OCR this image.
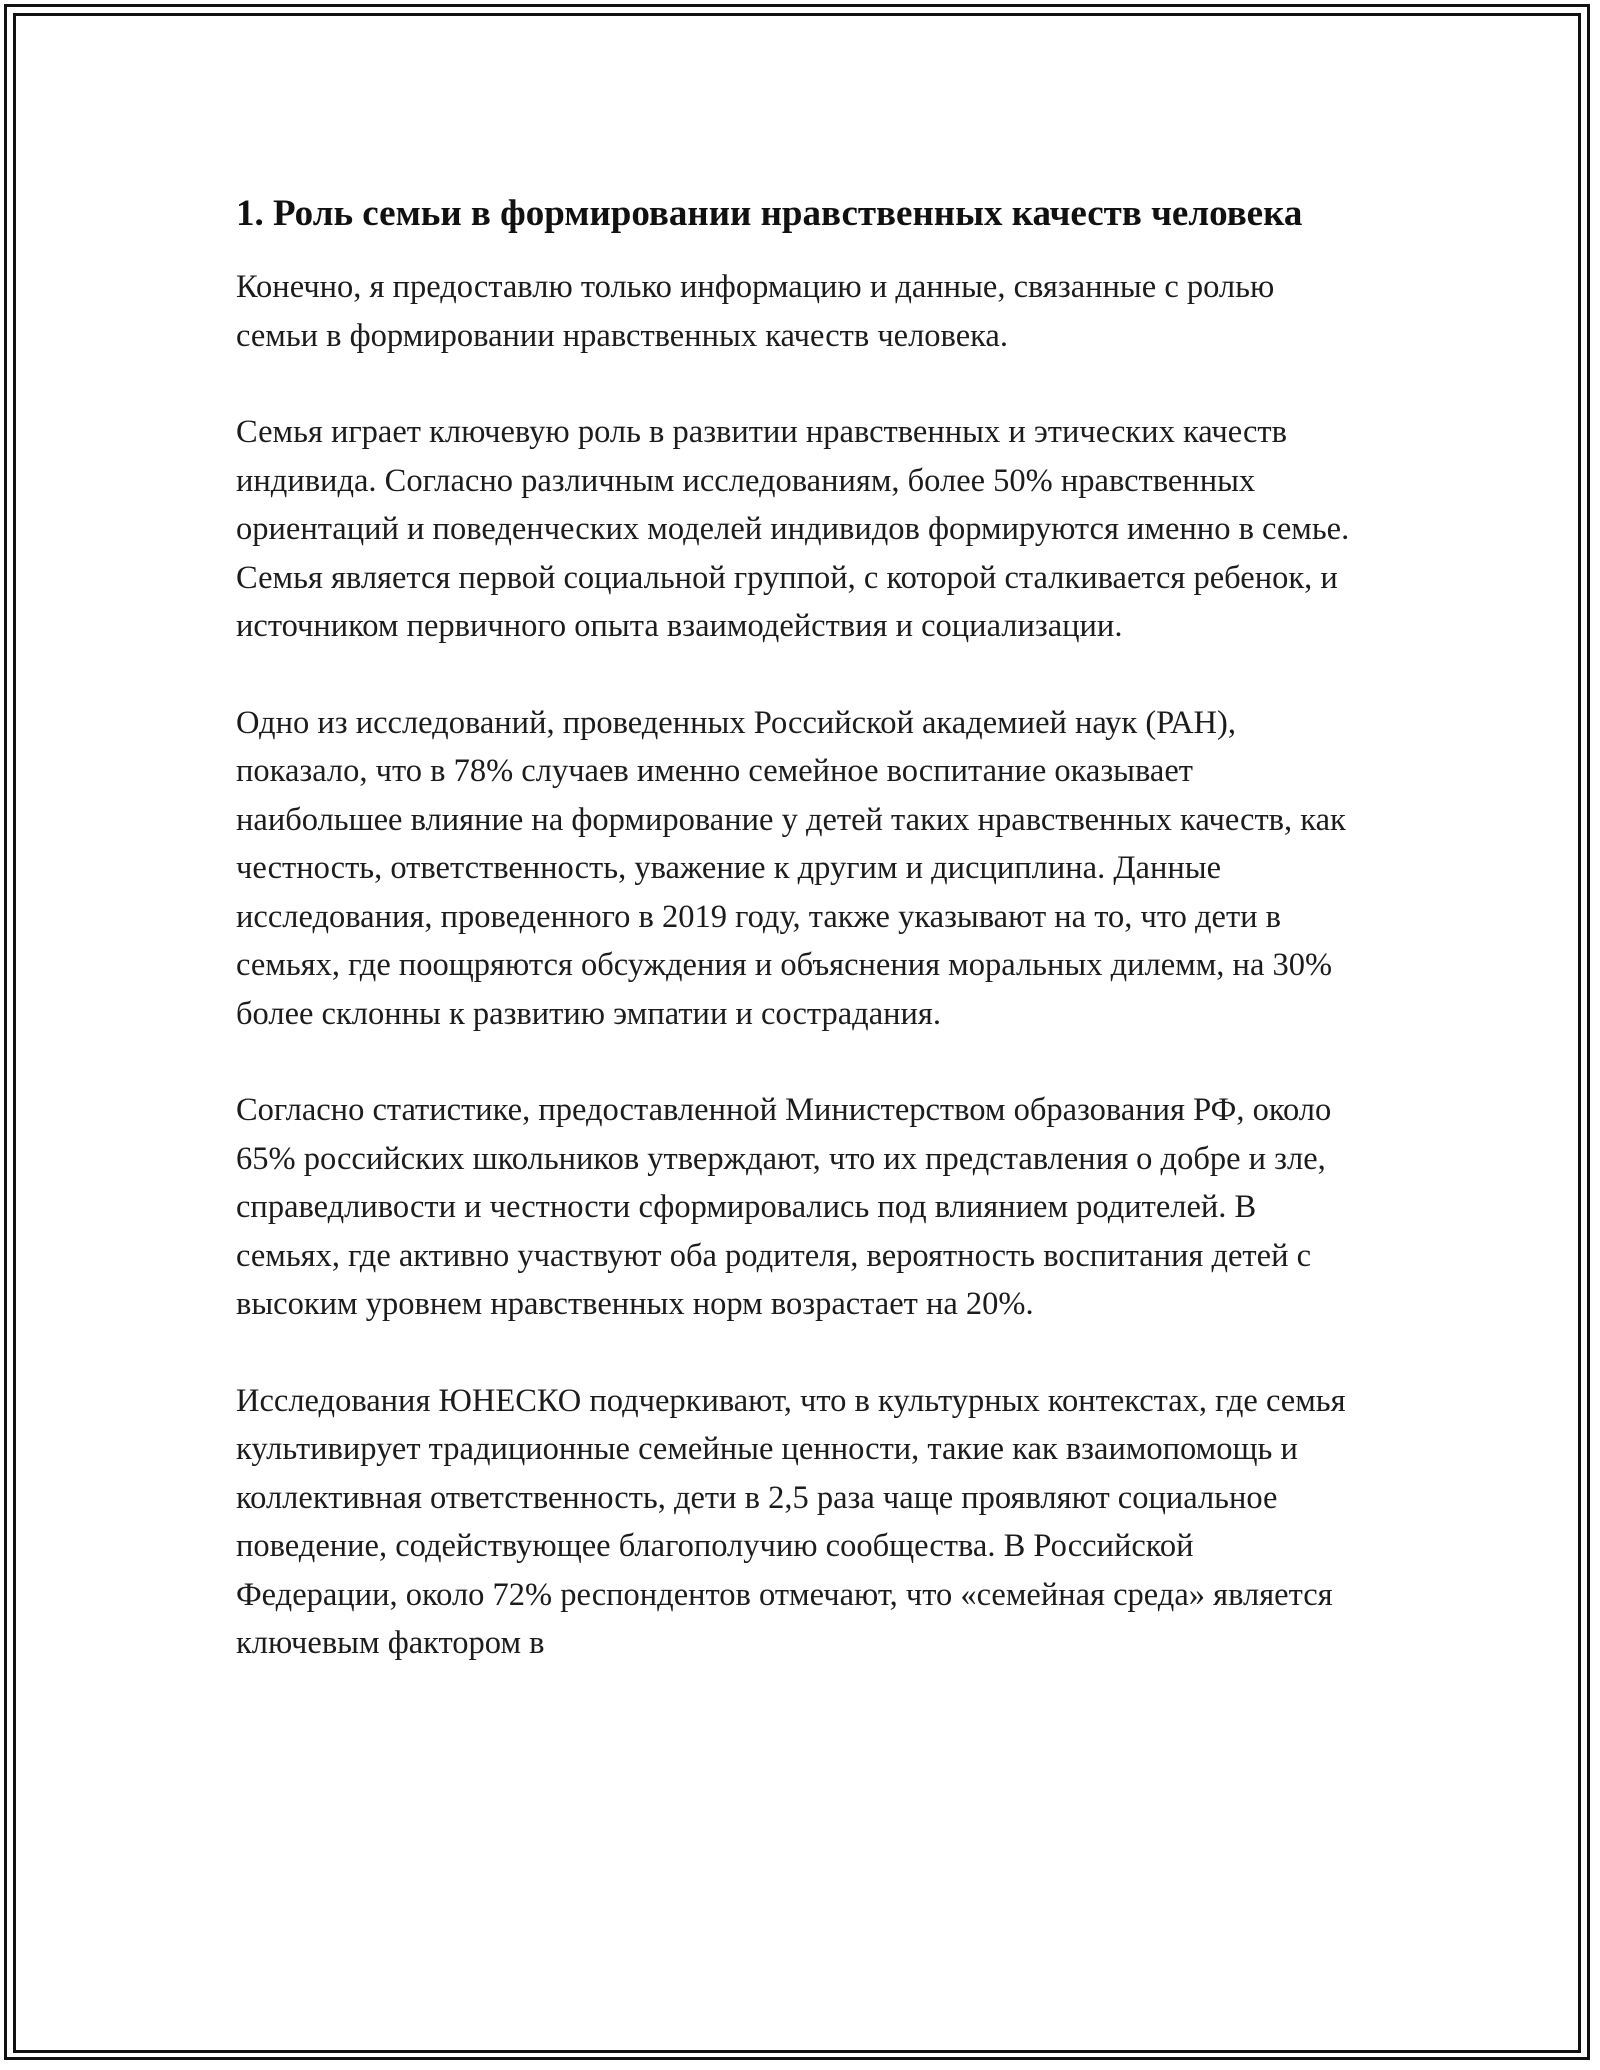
1. Роль семьи в формировании нравственных качеств человека

Конечно, я предоставлю только информацию и данные, связанные с ролью семьи в формировании нравственных качеств человека.

Семья играет ключевую роль в развитии нравственных и этических качеств индивида. Согласно различным исследованиям, более 50% нравственных ориентаций и поведенческих моделей индивидов формируются именно в семье. Семья является первой социальной группой, с которой сталкивается ребенок, и источником первичного опыта взаимодействия и социализации.

Одно из исследований, проведенных Российской академией наук (РАН), показало, что в 78% случаев именно семейное воспитание оказывает наибольшее влияние на формирование у детей таких нравственных качеств, как честность, ответственность, уважение к другим и дисциплина. Данные исследования, проведенного в 2019 году, также указывают на то, что дети в семьях, где поощряются обсуждения и объяснения моральных дилемм, на 30% более склонны к развитию эмпатии и сострадания.

Согласно статистике, предоставленной Министерством образования РФ, около 65% российских школьников утверждают, что их представления о добре и зле, справедливости и честности сформировались под влиянием родителей. В семьях, где активно участвуют оба родителя, вероятность воспитания детей с высоким уровнем нравственных норм возрастает на 20%.

Исследования ЮНЕСКО подчеркивают, что в культурных контекстах, где семья культивирует традиционные семейные ценности, такие как взаимопомощь и коллективная ответственность, дети в 2,5 раза чаще проявляют социальное поведение, содействующее благополучию сообщества. В Российской Федерации, около 72% респондентов отмечают, что «семейная среда» является ключевым фактором в
